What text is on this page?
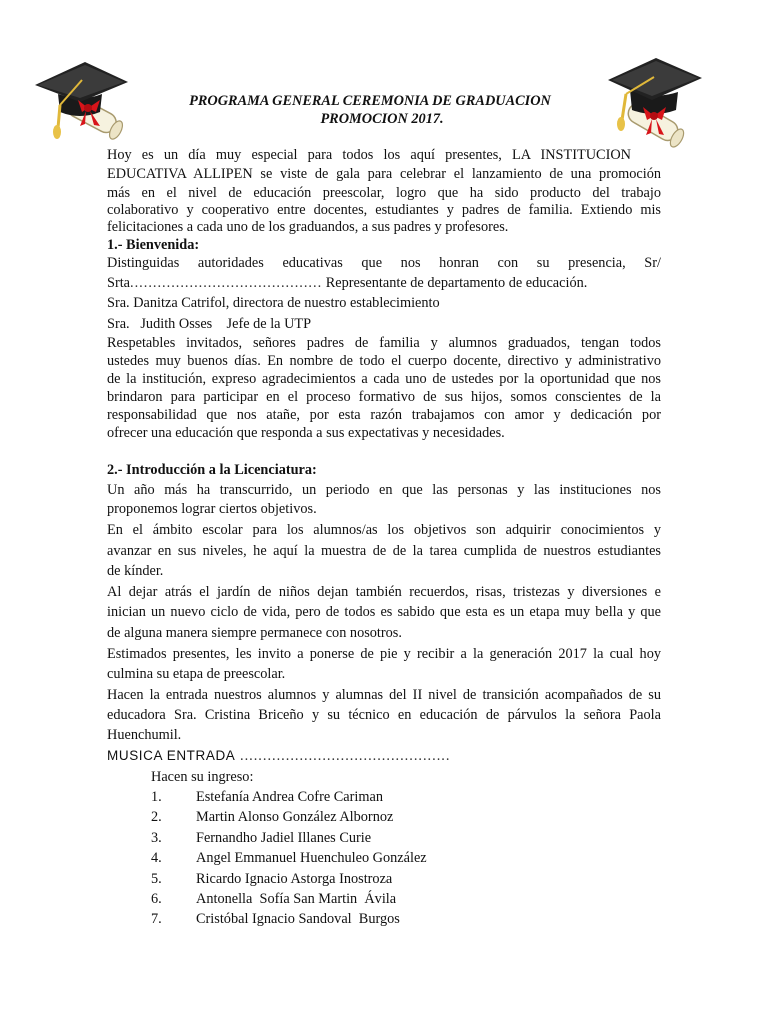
PROGRAMA GENERAL CEREMONIA DE GRADUACION
PROMOCION 2017.
Hoy es un día muy especial para todos los aquí presentes, LA INSTITUCION
EDUCATIVA ALLIPEN se viste de gala para celebrar el lanzamiento de una promoción
más en el nivel de educación preescolar, logro que ha sido producto del trabajo
colaborativo y cooperativo entre docentes, estudiantes y padres de familia. Extiendo mis
felicitaciones a cada uno de los graduandos, a sus padres y profesores.
1.- Bienvenida:
Distinguidas autoridades educativas que nos honran con su presencia, Sr/
Srta.......................................... Representante de departamento de educación.
Sra. Danitza Catrifol, directora de nuestro establecimiento
Sra.   Judith Osses    Jefe de la UTP
Respetables invitados, señores padres de familia y alumnos graduados, tengan todos
ustedes muy buenos días. En nombre de todo el cuerpo docente, directivo y administrativo
de la institución, expreso agradecimientos a cada uno de ustedes por la oportunidad que nos
brindaron para participar en el proceso formativo de sus hijos, somos conscientes de la
responsabilidad que nos atañe, por esta razón trabajamos con amor y dedicación por
ofrecer una educación que responda a sus expectativas y necesidades.
2.- Introducción a la Licenciatura:
Un año más ha transcurrido, un periodo en que las personas y las instituciones nos
proponemos lograr ciertos objetivos.
En el ámbito escolar para los alumnos/as los objetivos son adquirir conocimientos y
avanzar en sus niveles, he aquí la muestra de de la tarea cumplida de nuestros estudiantes
de kínder.
Al dejar atrás el jardín de niños dejan también recuerdos, risas, tristezas y diversiones e
inician un nuevo ciclo de vida, pero de todos es sabido que esta es un etapa muy bella y que
de alguna manera siempre permanece con nosotros.
Estimados presentes, les invito a ponerse de pie y recibir a la generación 2017 la cual hoy
culmina su etapa de preescolar.
Hacen la entrada nuestros alumnos y alumnas del II nivel de transición acompañados de su
educadora Sra. Cristina Briceño y su técnico en educación de párvulos la señora Paola
Huenchumil.
MUSICA ENTRADA ..............................................
Hacen su ingreso:
1. Estefanía Andrea Cofre Cariman
2. Martin Alonso González Albornoz
3. Fernandho Jadiel Illanes Curie
4. Angel Emmanuel Huenchuleo González
5. Ricardo Ignacio Astorga Inostroza
6. Antonella  Sofía San Martin  Ávila
7. Cristóbal Ignacio Sandoval  Burgos
